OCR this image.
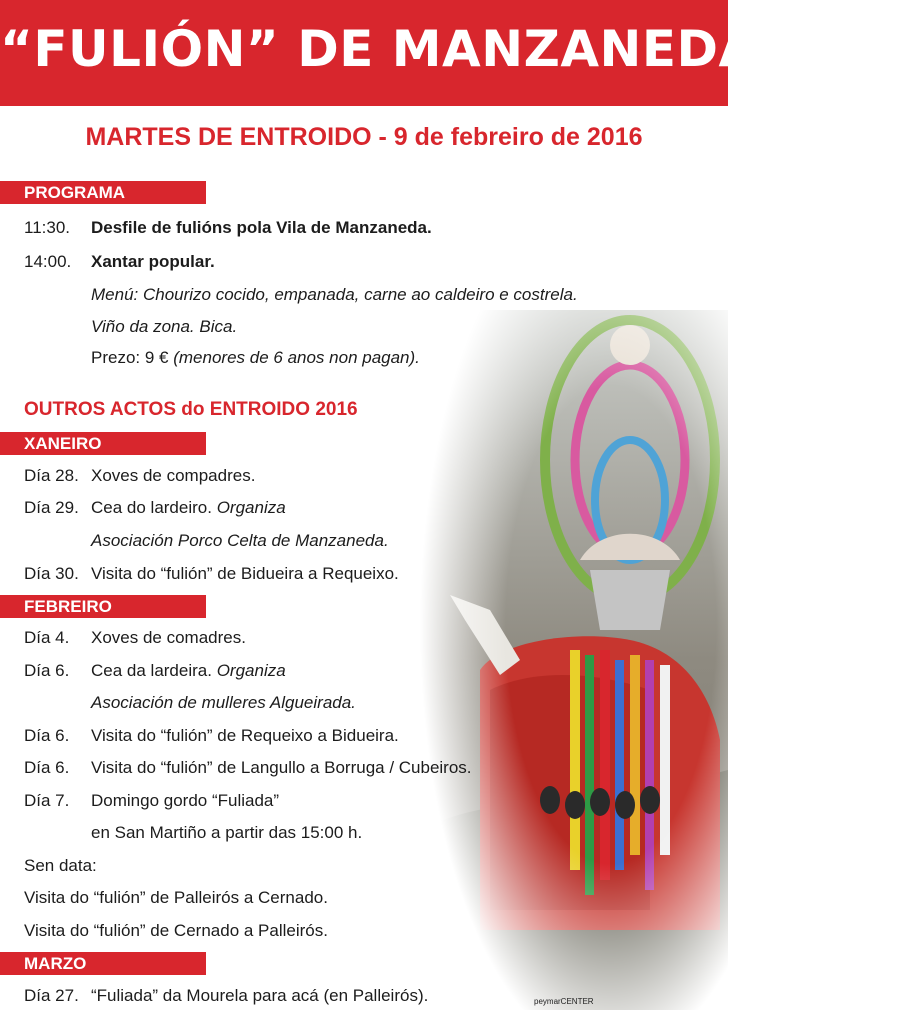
“FULIÓN” DE MANZANEDA 2016
MARTES DE ENTROIDO - 9 de febreiro de 2016
PROGRAMA
11:30. Desfile de fulións pola Vila de Manzaneda.
14:00. Xantar popular.
Menú: Chourizo cocido, empanada, carne ao caldeiro e costrela.
Viño da zona. Bica.
Prezo: 9 € (menores de 6 anos non pagan).
OUTROS ACTOS do ENTROIDO 2016
XANEIRO
Día 28. Xoves de compadres.
Día 29. Cea do lardeiro. Organiza
Asociación Porco Celta de Manzaneda.
Día 30. Visita do “fulión” de Bidueira a Requeixo.
FEBREIRO
Día 4. Xoves de comadres.
Día 6. Cea da lardeira. Organiza
Asociación de mulleres Algueirada.
Día 6. Visita do “fulión” de Requeixo a Bidueira.
Día 6. Visita do “fulión” de Langullo a Borruga / Cubeiros.
Día 7. Domingo gordo “Fuliada”
en San Martiño a partir das 15:00 h.
Sen data:
Visita do “fulión” de Palleirós a Cernado.
Visita do “fulión” de Cernado a Palleirós.
MARZO
Día 27. “Fuliada” da Mourela para acá (en Palleirós).	peymarCENTER
